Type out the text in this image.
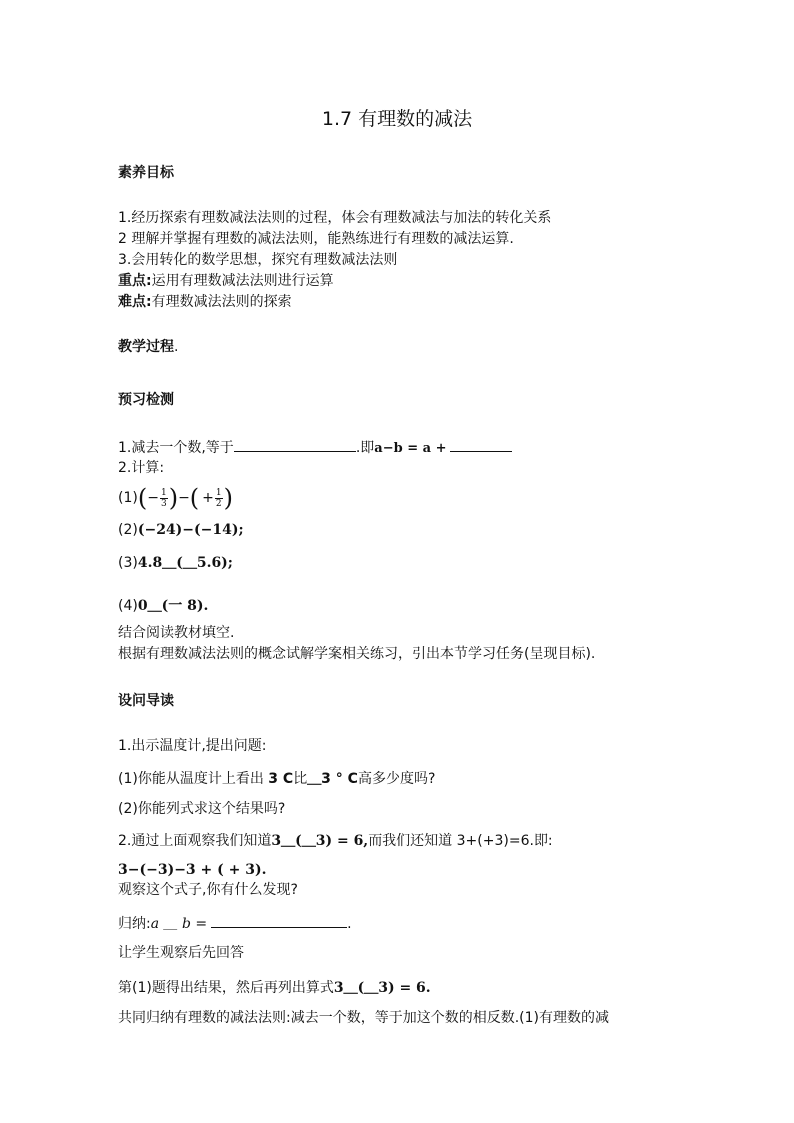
1.7 有理数的减法
素养目标
1.经历探索有理数减法法则的过程，体会有理数减法与加法的转化关系
2 理解并掌握有理数的减法法则，能熟练进行有理数的减法运算.
3.会用转化的数学思想，探究有理数减法法则
重点:运用有理数减法法则进行运算
难点:有理数减法法则的探索
教学过程.
预习检测
1.减去一个数,等于	.即a−b = a +
2.计算:
$(1)(- \frac{1}{3}$ )−( + $\frac{1}{2}$ )
(2)(−24)−(−14);
(3)4.8＿(＿5.6);
(4)0＿(一 8).
结合阅读教材填空.
根据有理数减法法则的概念试解学案相关练习，引出本节学习任务(呈现目标).
设问导读
1.出示温度计,提出问题:
(1)你能从温度计上看出 3 C比＿3 ° C高多少度吗?
(2)你能列式求这个结果吗?
2.通过上面观察我们知道3＿(＿3) = 6,而我们还知道 3+(+3)=6.即:
3−(−3)−3 + ( + 3).
观察这个式子,你有什么发现?
归纳:a ＿ b =	.
让学生观察后先回答
第(1)题得出结果，然后再列出算式3＿(＿3) = 6.
共同归纳有理数的减法法则:减去一个数，等于加这个数的相反数.(1)有理数的减
